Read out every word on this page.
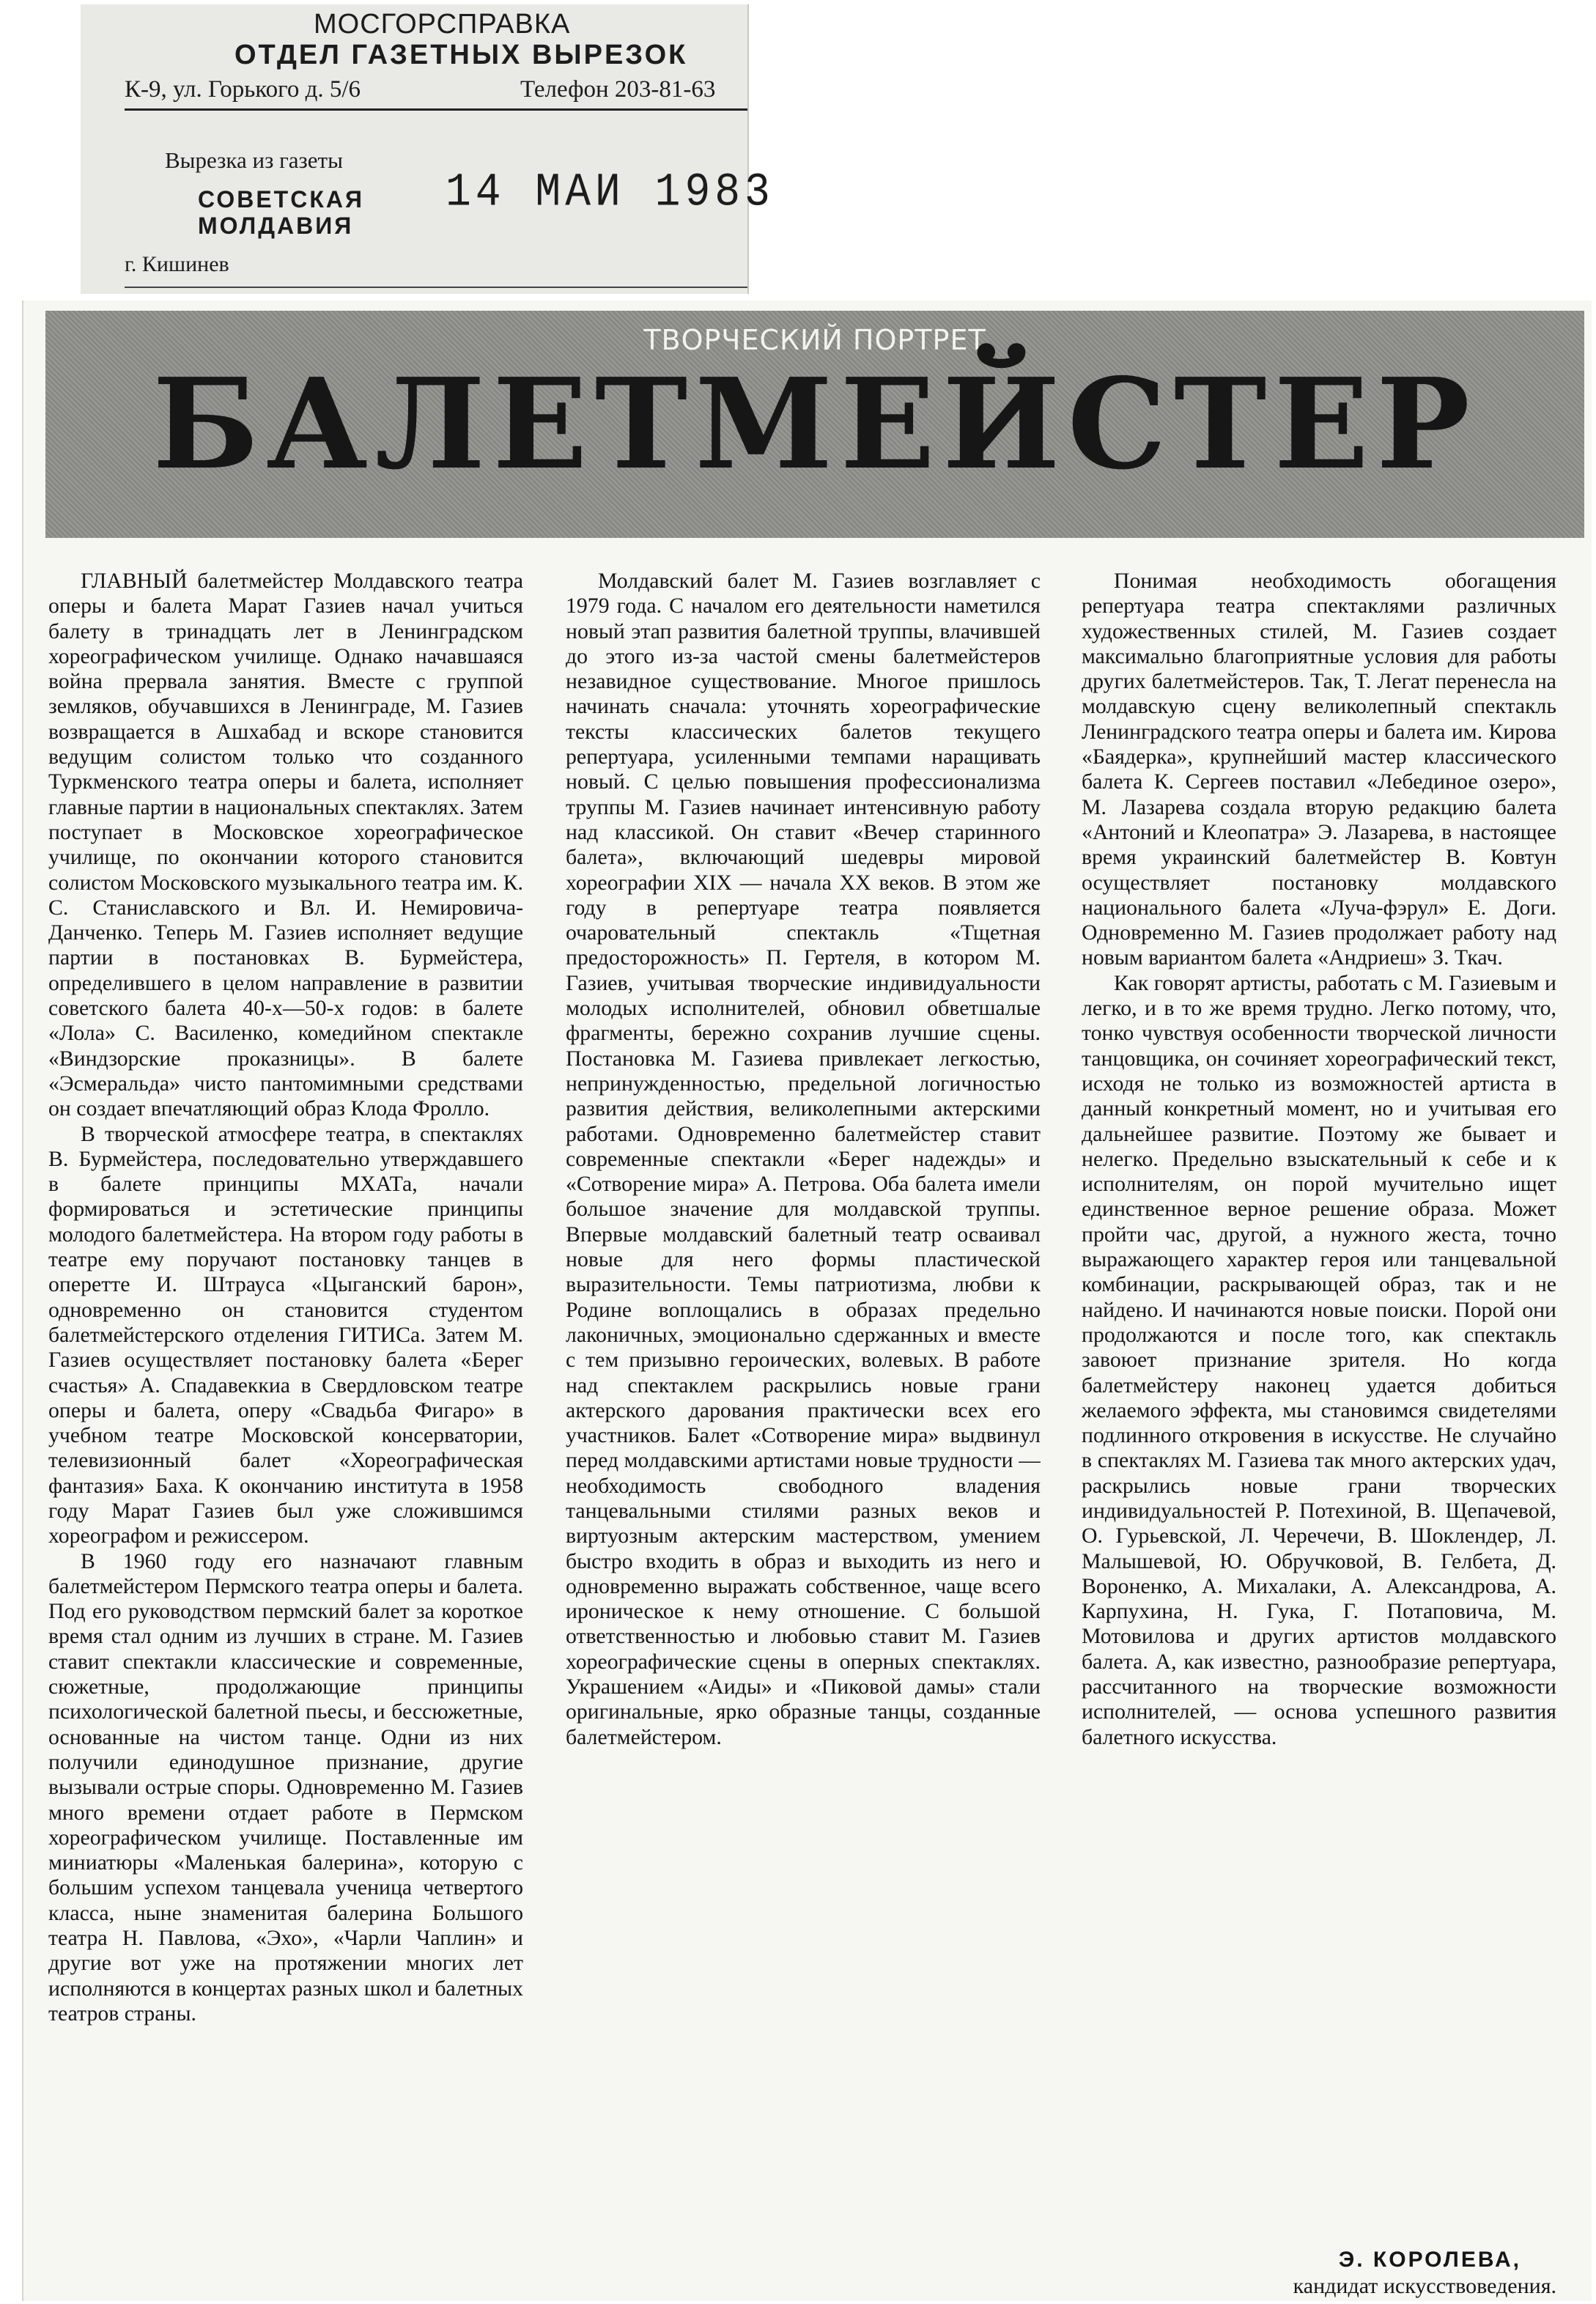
МОСГОРСПРАВКА
ОТДЕЛ ГАЗЕТНЫХ ВЫРЕЗОК
К-9, ул. Горького д. 5/6	Телефон 203-81-63
Вырезка из газеты
СОВЕТСКАЯ
МОЛДАВИЯ
14 МАИ 1983
г. Кишинев
ТВОРЧЕСКИЙ ПОРТРЕТ
БАЛЕТМЕЙСТЕР

ГЛАВНЫЙ балетмейстер Молдавского театра оперы и балета Марат Газиев начал учиться балету в тринадцать лет в Ленинградском хореографическом училище. Однако начавшаяся война прервала занятия. Вместе с группой земляков, обучавшихся в Ленинграде, М. Газиев возвращается в Ашхабад и вскоре становится ведущим солистом только что созданного Туркменского театра оперы и балета, исполняет главные партии в национальных спектаклях. Затем поступает в Московское хореографическое училище, по окончании которого становится солистом Московского музыкального театра им. К. С. Станиславского и Вл. И. Немировича-Данченко. Теперь М. Газиев исполняет ведущие партии в постановках В. Бурмейстера, определившего в целом направление в развитии советского балета 40-х—50-х годов: в балете «Лола» С. Василенко, комедийном спектакле «Виндзорские проказницы». В балете «Эсмеральда» чисто пантомимными средствами он создает впечатляющий образ Клода Фролло.

В творческой атмосфере театра, в спектаклях В. Бурмейстера, последовательно утверждавшего в балете принципы МХАТа, начали формироваться и эстетические принципы молодого балетмейстера. На втором году работы в театре ему поручают постановку танцев в оперетте И. Штрауса «Цыганский барон», одновременно он становится студентом балетмейстерского отделения ГИТИСа. Затем М. Газиев осуществляет постановку балета «Берег счастья» А. Спадавеккиа в Свердловском театре оперы и балета, оперу «Свадьба Фигаро» в учебном театре Московской консерватории, телевизионный балет «Хореографическая фантазия» Баха. К окончанию института в 1958 году Марат Газиев был уже сложившимся хореографом и режиссером.

В 1960 году его назначают главным балетмейстером Пермского театра оперы и балета. Под его руководством пермский балет за короткое время стал одним из лучших в стране. М. Газиев ставит спектакли классические и современные, сюжетные, продолжающие принципы психологической балетной пьесы, и бессюжетные, основанные на чистом танце. Одни из них получили единодушное признание, другие вызывали острые споры. Одновременно М. Газиев много времени отдает работе в Пермском хореографическом училище. Поставленные им миниатюры «Маленькая балерина», которую с большим успехом танцевала ученица четвертого класса, ныне знаменитая балерина Большого театра Н. Павлова, «Эхо», «Чарли Чаплин» и другие вот уже на протяжении многих лет исполняются в концертах разных школ и балетных театров страны.

Молдавский балет М. Газиев возглавляет с 1979 года. С началом его деятельности наметился новый этап развития балетной труппы, влачившей до этого из-за частой смены балетмейстеров незавидное существование. Многое пришлось начинать сначала: уточнять хореографические тексты классических балетов текущего репертуара, усиленными темпами наращивать новый. С целью повышения профессионализма труппы М. Газиев начинает интенсивную работу над классикой. Он ставит «Вечер старинного балета», включающий шедевры мировой хореографии XIX — начала XX веков. В этом же году в репертуаре театра появляется очаровательный спектакль «Тщетная предосторожность» П. Гертеля, в котором М. Газиев, учитывая творческие индивидуальности молодых исполнителей, обновил обветшалые фрагменты, бережно сохранив лучшие сцены. Постановка М. Газиева привлекает легкостью, непринужденностью, предельной логичностью развития действия, великолепными актерскими работами. Одновременно балетмейстер ставит современные спектакли «Берег надежды» и «Сотворение мира» А. Петрова. Оба балета имели большое значение для молдавской труппы. Впервые молдавский балетный театр осваивал новые для него формы пластической выразительности. Темы патриотизма, любви к Родине воплощались в образах предельно лаконичных, эмоционально сдержанных и вместе с тем призывно героических, волевых. В работе над спектаклем раскрылись новые грани актерского дарования практически всех его участников. Балет «Сотворение мира» выдвинул перед молдавскими артистами новые трудности — необходимость свободного владения танцевальными стилями разных веков и виртуозным актерским мастерством, умением быстро входить в образ и выходить из него и одновременно выражать собственное, чаще всего ироническое к нему отношение. С большой ответственностью и любовью ставит М. Газиев хореографические сцены в оперных спектаклях. Украшением «Аиды» и «Пиковой дамы» стали оригинальные, ярко образные танцы, созданные балетмейстером.

Понимая необходимость обогащения репертуара театра спектаклями различных художественных стилей, М. Газиев создает максимально благоприятные условия для работы других балетмейстеров. Так, Т. Легат перенесла на молдавскую сцену великолепный спектакль Ленинградского театра оперы и балета им. Кирова «Баядерка», крупнейший мастер классического балета К. Сергеев поставил «Лебединое озеро», М. Лазарева создала вторую редакцию балета «Антоний и Клеопатра» Э. Лазарева, в настоящее время украинский балетмейстер В. Ковтун осуществляет постановку молдавского национального балета «Луча-фэрул» Е. Доги. Одновременно М. Газиев продолжает работу над новым вариантом балета «Андриеш» З. Ткач.

Как говорят артисты, работать с М. Газиевым и легко, и в то же время трудно. Легко потому, что, тонко чувствуя особенности творческой личности танцовщика, он сочиняет хореографический текст, исходя не только из возможностей артиста в данный конкретный момент, но и учитывая его дальнейшее развитие. Поэтому же бывает и нелегко. Предельно взыскательный к себе и к исполнителям, он порой мучительно ищет единственное верное решение образа. Может пройти час, другой, а нужного жеста, точно выражающего характер героя или танцевальной комбинации, раскрывающей образ, так и не найдено. И начинаются новые поиски. Порой они продолжаются и после того, как спектакль завоюет признание зрителя. Но когда балетмейстеру наконец удается добиться желаемого эффекта, мы становимся свидетелями подлинного откровения в искусстве. Не случайно в спектаклях М. Газиева так много актерских удач, раскрылись новые грани творческих индивидуальностей Р. Потехиной, В. Щепачевой, О. Гурьевской, Л. Черечечи, В. Шоклендер, Л. Малышевой, Ю. Обручковой, В. Гелбета, Д. Вороненко, А. Михалаки, А. Александрова, А. Карпухина, Н. Гука, Г. Потаповича, М. Мотовилова и других артистов молдавского балета. А, как известно, разнообразие репертуара, рассчитанного на творческие возможности исполнителей, — основа успешного развития балетного искусства.

Э. КОРОЛЕВА,
кандидат искусствоведения.
